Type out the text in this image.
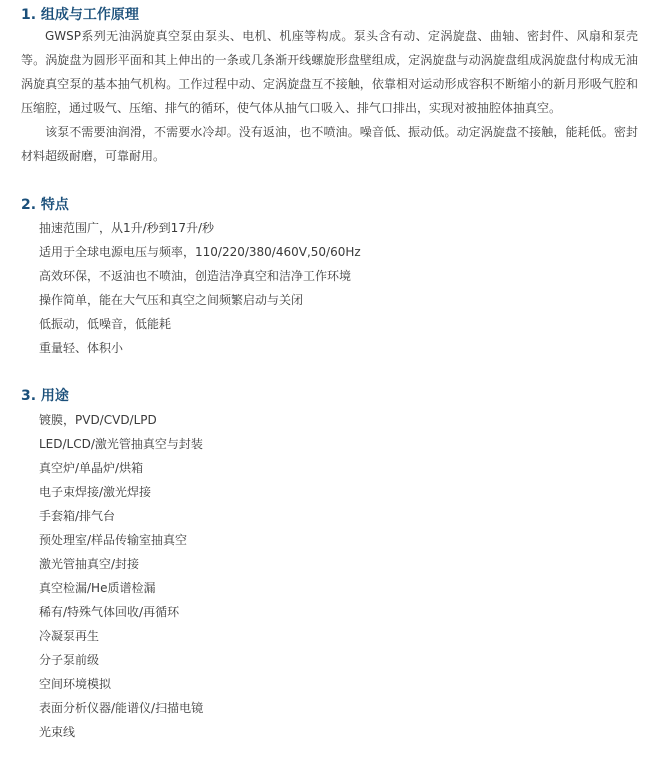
1. 组成与工作原理

GWSP系列无油涡旋真空泵由泵头、电机、机座等构成。泵头含有动、定涡旋盘、曲轴、密封件、风扇和泵壳等。涡旋盘为圆形平面和其上伸出的一条或几条渐开线螺旋形盘壁组成，定涡旋盘与动涡旋盘组成涡旋盘付构成无油涡旋真空泵的基本抽气机构。工作过程中动、定涡旋盘互不接触，依靠相对运动形成容积不断缩小的新月形吸气腔和压缩腔，通过吸气、压缩、排气的循环，使气体从抽气口吸入、排气口排出，实现对被抽腔体抽真空。

该泵不需要油润滑，不需要水冷却。没有返油，也不喷油。噪音低、振动低。动定涡旋盘不接触，能耗低。密封材料超级耐磨，可靠耐用。

2. 特点
抽速范围广，从1升/秒到17升/秒
适用于全球电源电压与频率，110/220/380/460V,50/60Hz
高效环保，不返油也不喷油，创造洁净真空和洁净工作环境
操作简单，能在大气压和真空之间频繁启动与关闭
低振动，低噪音，低能耗
重量轻、体积小
3. 用途
镀膜，PVD/CVD/LPD
LED/LCD/激光管抽真空与封装
真空炉/单晶炉/烘箱
电子束焊接/激光焊接
手套箱/排气台
预处理室/样品传输室抽真空
激光管抽真空/封接
真空检漏/He质谱检漏
稀有/特殊气体回收/再循环
冷凝泵再生
分子泵前级
空间环境模拟
表面分析仪器/能谱仪/扫描电镜
光束线
